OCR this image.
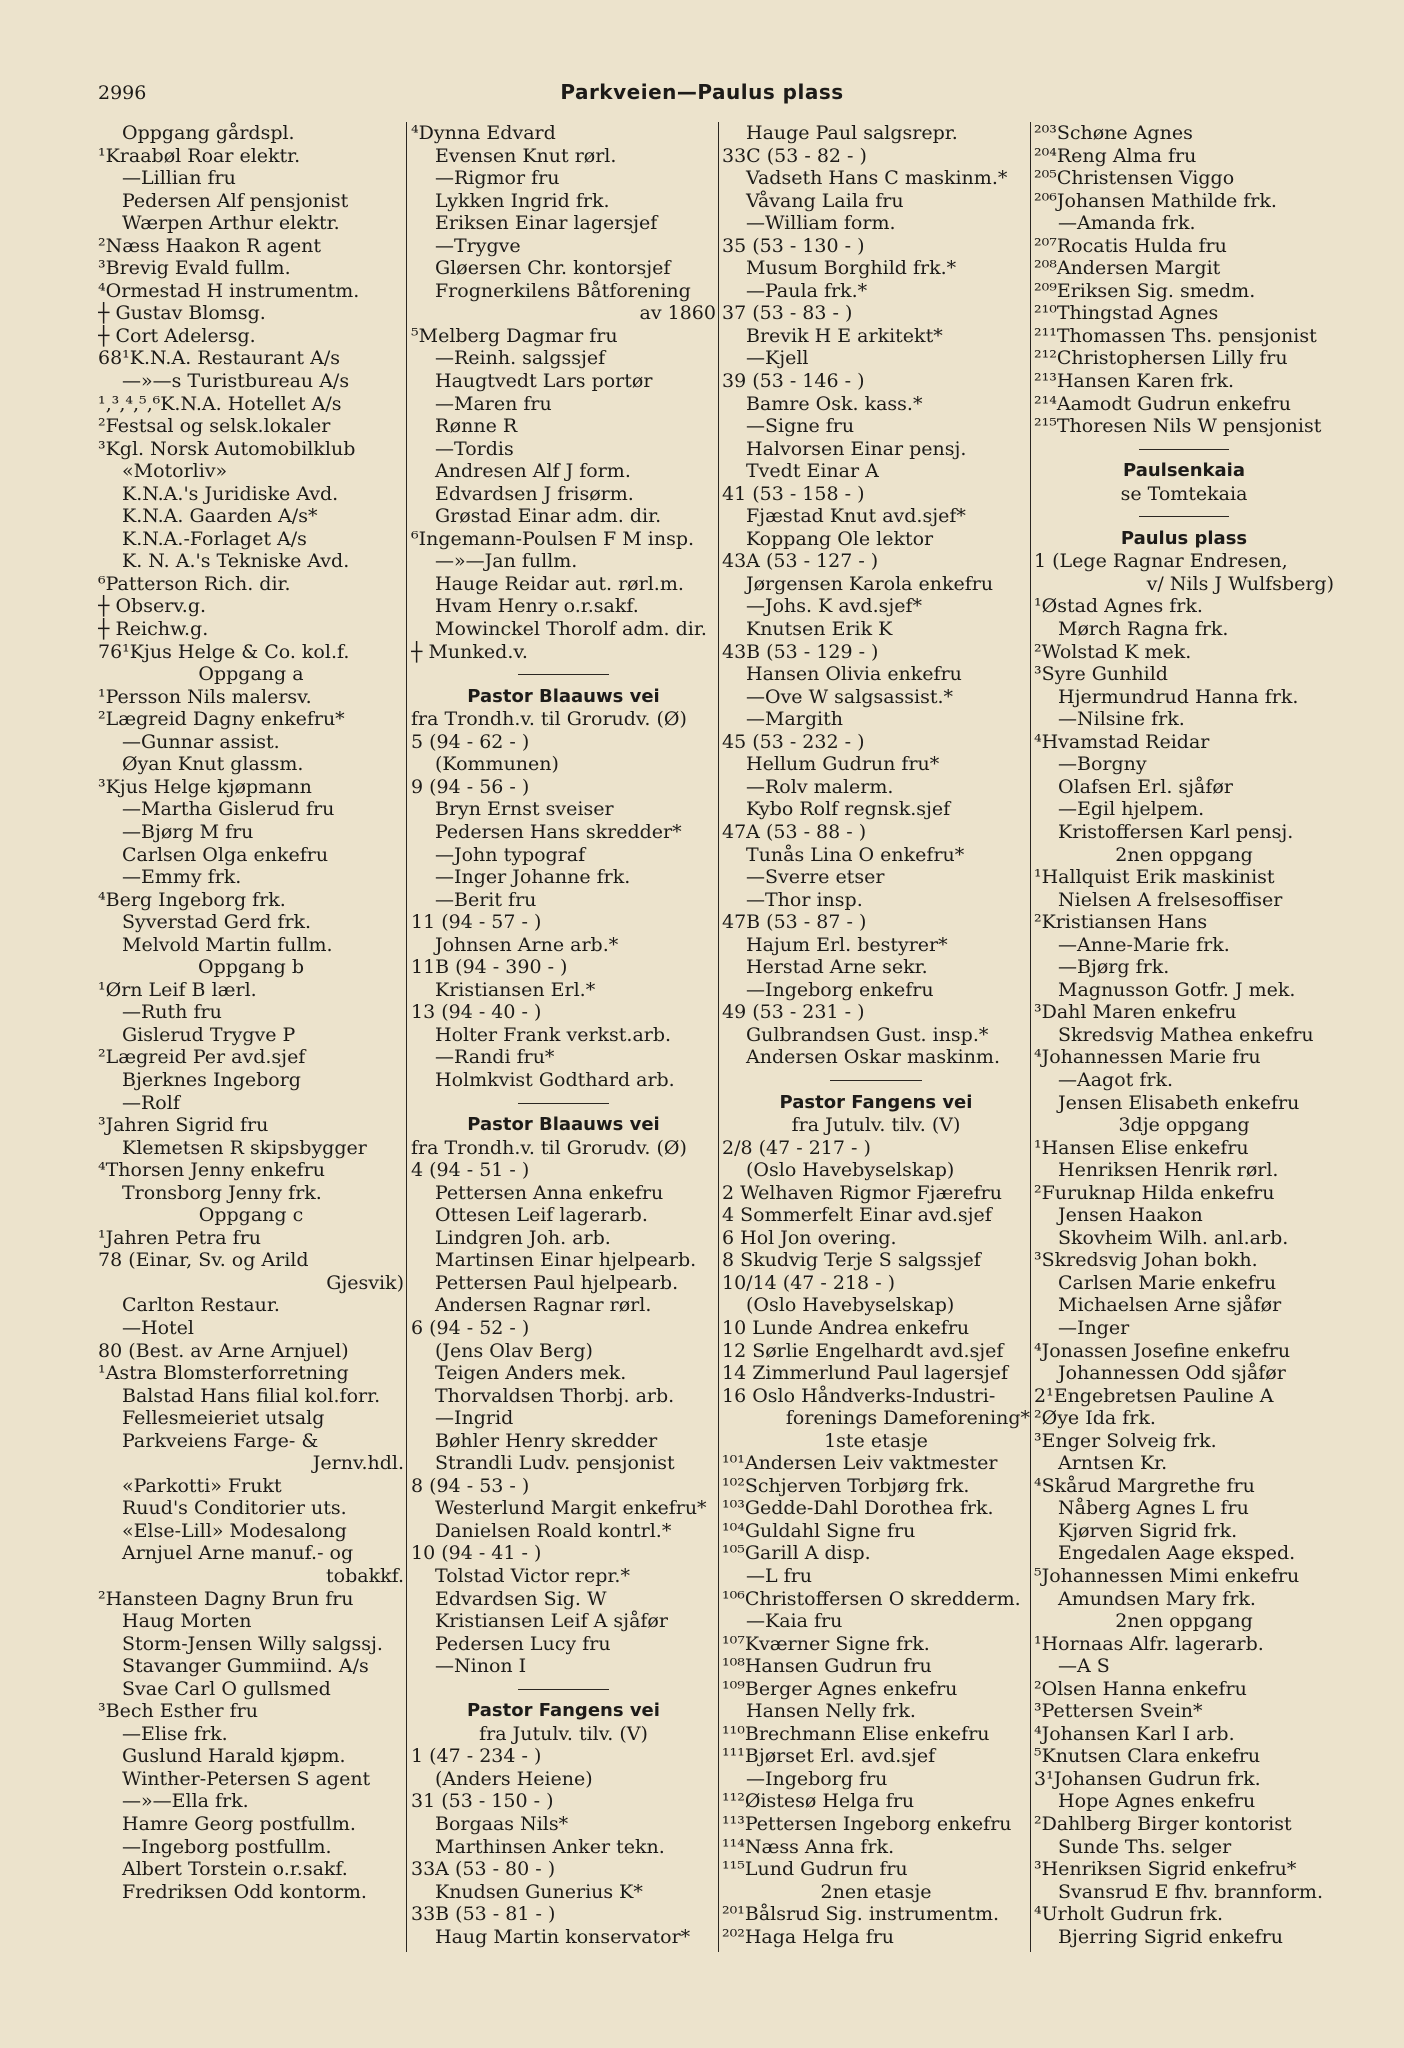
2996	Parkveien—Paulus plass
Oppgang gårdspl.
¹Kraabøl Roar elektr.
—Lillian fru
Pedersen Alf pensjonist
Wærpen Arthur elektr.
²Næss Haakon R agent
³Brevig Evald fullm.
⁴Ormestad H instrumentm.
┼ Gustav Blomsg.
┼ Cort Adelersg.
68¹K.N.A. Restaurant A/s
—»—s Turistbureau A/s
¹‚³‚⁴‚⁵‚⁶K.N.A. Hotellet A/s
²Festsal og selsk.lokaler
³Kgl. Norsk Automobilklub
«Motorliv»
K.N.A.'s Juridiske Avd.
K.N.A. Gaarden A/s*
K.N.A.-Forlaget A/s
K. N. A.'s Tekniske Avd.
⁶Patterson Rich. dir.
┼ Observ.g.
┼ Reichw.g.
76¹Kjus Helge & Co. kol.f.
Oppgang a
¹Persson Nils malersv.
²Lægreid Dagny enkefru*
—Gunnar assist.
Øyan Knut glassm.
³Kjus Helge kjøpmann
—Martha Gislerud fru
—Bjørg M fru
Carlsen Olga enkefru
—Emmy frk.
⁴Berg Ingeborg frk.
Syverstad Gerd frk.
Melvold Martin fullm.
Oppgang b
¹Ørn Leif B lærl.
—Ruth fru
Gislerud Trygve P
²Lægreid Per avd.sjef
Bjerknes Ingeborg
—Rolf
³Jahren Sigrid fru
Klemetsen R skipsbygger
⁴Thorsen Jenny enkefru
Tronsborg Jenny frk.
Oppgang c
¹Jahren Petra fru
78 (Einar, Sv. og Arild
Gjesvik)
Carlton Restaur.
—Hotel
80 (Best. av Arne Arnjuel)
¹Astra Blomsterforretning
Balstad Hans filial kol.forr.
Fellesmeieriet utsalg
Parkveiens Farge- &
Jernv.hdl.
«Parkotti» Frukt
Ruud's Conditorier uts.
«Else-Lill» Modesalong
Arnjuel Arne manuf.- og
tobakkf.
²Hansteen Dagny Brun fru
Haug Morten
Storm-Jensen Willy salgssj.
Stavanger Gummiind. A/s
Svae Carl O gullsmed
³Bech Esther fru
—Elise frk.
Guslund Harald kjøpm.
Winther-Petersen S agent
—»—Ella frk.
Hamre Georg postfullm.
—Ingeborg postfullm.
Albert Torstein o.r.sakf.
Fredriksen Odd kontorm.
⁴Dynna Edvard
Evensen Knut rørl.
—Rigmor fru
Lykken Ingrid frk.
Eriksen Einar lagersjef
—Trygve
Gløersen Chr. kontorsjef
Frognerkilens Båtforening
av 1860
⁵Melberg Dagmar fru
—Reinh. salgssjef
Haugtvedt Lars portør
—Maren fru
Rønne R
—Tordis
Andresen Alf J form.
Edvardsen J frisørm.
Grøstad Einar adm. dir.
⁶Ingemann-Poulsen F M insp.
—»—Jan fullm.
Hauge Reidar aut. rørl.m.
Hvam Henry o.r.sakf.
Mowinckel Thorolf adm. dir.
┼ Munked.v.
Pastor Blaauws vei
fra Trondh.v. til Grorudv. (Ø)
5 (94 - 62 - )
(Kommunen)
9 (94 - 56 - )
Bryn Ernst sveiser
Pedersen Hans skredder*
—John typograf
—Inger Johanne frk.
—Berit fru
11 (94 - 57 - )
Johnsen Arne arb.*
11B (94 - 390 - )
Kristiansen Erl.*
13 (94 - 40 - )
Holter Frank verkst.arb.
—Randi fru*
Holmkvist Godthard arb.
Pastor Blaauws vei
fra Trondh.v. til Grorudv. (Ø)
4 (94 - 51 - )
Pettersen Anna enkefru
Ottesen Leif lagerarb.
Lindgren Joh. arb.
Martinsen Einar hjelpearb.
Pettersen Paul hjelpearb.
Andersen Ragnar rørl.
6 (94 - 52 - )
(Jens Olav Berg)
Teigen Anders mek.
Thorvaldsen Thorbj. arb.
—Ingrid
Bøhler Henry skredder
Strandli Ludv. pensjonist
8 (94 - 53 - )
Westerlund Margit enkefru*
Danielsen Roald kontrl.*
10 (94 - 41 - )
Tolstad Victor repr.*
Edvardsen Sig. W
Kristiansen Leif A sjåfør
Pedersen Lucy fru
—Ninon I
Pastor Fangens vei
fra Jutulv. tilv. (V)
1 (47 - 234 - )
(Anders Heiene)
31 (53 - 150 - )
Borgaas Nils*
Marthinsen Anker tekn.
33A (53 - 80 - )
Knudsen Gunerius K*
33B (53 - 81 - )
Haug Martin konservator*
Hauge Paul salgsrepr.
33C (53 - 82 - )
Vadseth Hans C maskinm.*
Våvang Laila fru
—William form.
35 (53 - 130 - )
Musum Borghild frk.*
—Paula frk.*
37 (53 - 83 - )
Brevik H E arkitekt*
—Kjell
39 (53 - 146 - )
Bamre Osk. kass.*
—Signe fru
Halvorsen Einar pensj.
Tvedt Einar A
41 (53 - 158 - )
Fjæstad Knut avd.sjef*
Koppang Ole lektor
43A (53 - 127 - )
Jørgensen Karola enkefru
—Johs. K avd.sjef*
Knutsen Erik K
43B (53 - 129 - )
Hansen Olivia enkefru
—Ove W salgsassist.*
—Margith
45 (53 - 232 - )
Hellum Gudrun fru*
—Rolv malerm.
Kybo Rolf regnsk.sjef
47A (53 - 88 - )
Tunås Lina O enkefru*
—Sverre etser
—Thor insp.
47B (53 - 87 - )
Hajum Erl. bestyrer*
Herstad Arne sekr.
—Ingeborg enkefru
49 (53 - 231 - )
Gulbrandsen Gust. insp.*
Andersen Oskar maskinm.
Pastor Fangens vei
fra Jutulv. tilv. (V)
2/8 (47 - 217 - )
(Oslo Havebyselskap)
2 Welhaven Rigmor Fjærefru
4 Sommerfelt Einar avd.sjef
6 Hol Jon overing.
8 Skudvig Terje S salgssjef
10/14 (47 - 218 - )
(Oslo Havebyselskap)
10 Lunde Andrea enkefru
12 Sørlie Engelhardt avd.sjef
14 Zimmerlund Paul lagersjef
16 Oslo Håndverks-Industri-
forenings Dameforening*
1ste etasje
¹⁰¹Andersen Leiv vaktmester
¹⁰²Schjerven Torbjørg frk.
¹⁰³Gedde-Dahl Dorothea frk.
¹⁰⁴Guldahl Signe fru
¹⁰⁵Garill A disp.
—L fru
¹⁰⁶Christoffersen O skredderm.
—Kaia fru
¹⁰⁷Kværner Signe frk.
¹⁰⁸Hansen Gudrun fru
¹⁰⁹Berger Agnes enkefru
Hansen Nelly frk.
¹¹⁰Brechmann Elise enkefru
¹¹¹Bjørset Erl. avd.sjef
—Ingeborg fru
¹¹²Øistesø Helga fru
¹¹³Pettersen Ingeborg enkefru
¹¹⁴Næss Anna frk.
¹¹⁵Lund Gudrun fru
2nen etasje
²⁰¹Bålsrud Sig. instrumentm.
²⁰²Haga Helga fru
²⁰³Schøne Agnes
²⁰⁴Reng Alma fru
²⁰⁵Christensen Viggo
²⁰⁶Johansen Mathilde frk.
—Amanda frk.
²⁰⁷Rocatis Hulda fru
²⁰⁸Andersen Margit
²⁰⁹Eriksen Sig. smedm.
²¹⁰Thingstad Agnes
²¹¹Thomassen Ths. pensjonist
²¹²Christophersen Lilly fru
²¹³Hansen Karen frk.
²¹⁴Aamodt Gudrun enkefru
²¹⁵Thoresen Nils W pensjonist
Paulsenkaia
se Tomtekaia
Paulus plass
1 (Lege Ragnar Endresen,
v/ Nils J Wulfsberg)
¹Østad Agnes frk.
Mørch Ragna frk.
²Wolstad K mek.
³Syre Gunhild
Hjermundrud Hanna frk.
—Nilsine frk.
⁴Hvamstad Reidar
—Borgny
Olafsen Erl. sjåfør
—Egil hjelpem.
Kristoffersen Karl pensj.
2nen oppgang
¹Hallquist Erik maskinist
Nielsen A frelsesoffiser
²Kristiansen Hans
—Anne-Marie frk.
—Bjørg frk.
Magnusson Gotfr. J mek.
³Dahl Maren enkefru
Skredsvig Mathea enkefru
⁴Johannessen Marie fru
—Aagot frk.
Jensen Elisabeth enkefru
3dje oppgang
¹Hansen Elise enkefru
Henriksen Henrik rørl.
²Furuknap Hilda enkefru
Jensen Haakon
Skovheim Wilh. anl.arb.
³Skredsvig Johan bokh.
Carlsen Marie enkefru
Michaelsen Arne sjåfør
—Inger
⁴Jonassen Josefine enkefru
Johannessen Odd sjåfør
2¹Engebretsen Pauline A
²Øye Ida frk.
³Enger Solveig frk.
Arntsen Kr.
⁴Skårud Margrethe fru
Nåberg Agnes L fru
Kjørven Sigrid frk.
Engedalen Aage eksped.
⁵Johannessen Mimi enkefru
Amundsen Mary frk.
2nen oppgang
¹Hornaas Alfr. lagerarb.
—A S
²Olsen Hanna enkefru
³Pettersen Svein*
⁴Johansen Karl I arb.
⁵Knutsen Clara enkefru
3¹Johansen Gudrun frk.
Hope Agnes enkefru
²Dahlberg Birger kontorist
Sunde Ths. selger
³Henriksen Sigrid enkefru*
Svansrud E fhv. brannform.
⁴Urholt Gudrun frk.
Bjerring Sigrid enkefru
